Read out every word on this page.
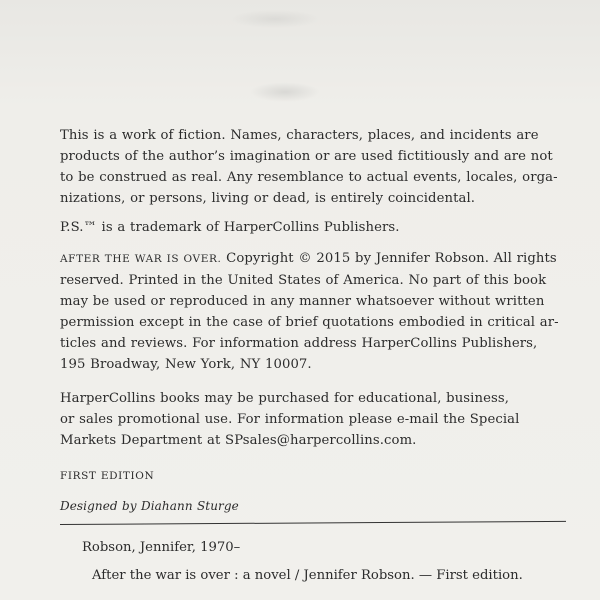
This is a work of fiction. Names, characters, places, and incidents are
products of the author’s imagination or are used fictitiously and are not
to be construed as real. Any resemblance to actual events, locales, orga-
nizations, or persons, living or dead, is entirely coincidental.
P.S.™ is a trademark of HarperCollins Publishers.
AFTER THE WAR IS OVER. Copyright © 2015 by Jennifer Robson. All rights
reserved. Printed in the United States of America. No part of this book
may be used or reproduced in any manner whatsoever without written
permission except in the case of brief quotations embodied in critical ar-
ticles and reviews. For information address HarperCollins Publishers,
195 Broadway, New York, NY 10007.
HarperCollins books may be purchased for educational, business,
or sales promotional use. For information please e-mail the Special
Markets Department at SPsales@harpercollins.com.
FIRST EDITION
Designed by Diahann Sturge
Robson, Jennifer, 1970–
After the war is over : a novel / Jennifer Robson. — First edition.
